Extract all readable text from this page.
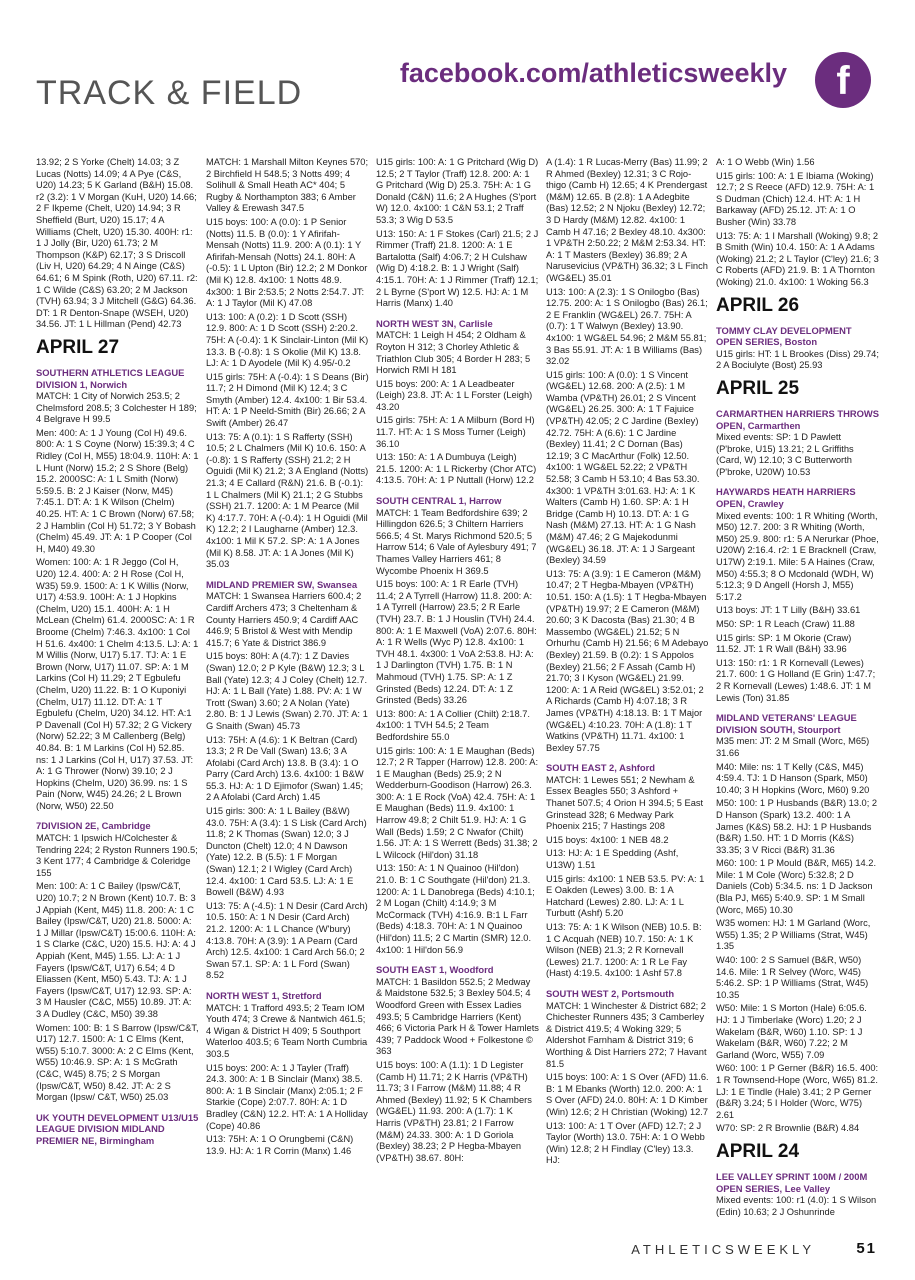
TRACK & FIELD
facebook.com/athleticsweekly	f

13.92; 2 S Yorke (Chelt) 14.03; 3 Z Lucas (Notts) 14.09; 4 A Pye (C&S, U20) 14.23; 5 K Garland (B&H) 15.08. r2 (3.2): 1 V Morgan (KuH, U20) 14.66; 2 F Ikpeme (Chelt, U20) 14.94; 3 R Sheffield (Burt, U20) 15.17; 4 A Williams (Chelt, U20) 15.30. 400H: r1: 1 J Jolly (Bir, U20) 61.73; 2 M Thompson (K&P) 62.17; 3 S Driscoll (Liv H, U20) 64.29; 4 N Ainge (C&S) 64.61; 6 M Spink (Roth, U20) 67.11. r2: 1 C Wilde (C&S) 63.20; 2 M Jackson (TVH) 63.94; 3 J Mitchell (G&G) 64.36. DT: 1 R Denton-Snape (WSEH, U20) 34.56. JT: 1 L Hillman (Pend) 42.73

APRIL 27
SOUTHERN ATHLETICS LEAGUE DIVISION 1, Norwich

MATCH: 1 City of Norwich 253.5; 2 Chelmsford 208.5; 3 Colchester H 189; 4 Belgrave H 99.5

Men: 400: A: 1 J Young (Col H) 49.6. 800: A: 1 S Coyne (Norw) 15:39.3; 4 C Ridley (Col H, M55) 18:04.9. 110H: A: 1 L Hunt (Norw) 15.2; 2 S Shore (Belg) 15.2. 2000SC: A: 1 L Smith (Norw) 5:59.5. B: 2 J Kaiser (Norw, M45) 7:45.1. DT: A: 1 K Wilson (Chelm) 40.25. HT: A: 1 C Brown (Norw) 67.58; 2 J Hamblin (Col H) 51.72; 3 Y Bobash (Chelm) 45.49. JT: A: 1 P Cooper (Col H, M40) 49.30

Women: 100: A: 1 R Jeggo (Col H, U20) 12.4. 400: A: 2 H Rose (Col H, W35) 59.9. 1500: A: 1 K Willis (Norw, U17) 4:53.9. 100H: A: 1 J Hopkins (Chelm, U20) 15.1. 400H: A: 1 H McLean (Chelm) 61.4. 2000SC: A: 1 R Broome (Chelm) 7:46.3. 4x100: 1 Col H 51.6. 4x400: 1 Chelm 4:13.5. LJ: A: 1 M Willis (Norw, U17) 5.17. TJ: A: 1 E Brown (Norw, U17) 11.07. SP: A: 1 M Larkins (Col H) 11.29; 2 T Egbulefu (Chelm, U20) 11.22. B: 1 O Kuponiyi (Chelm, U17) 11.12. DT: A: 1 T Egbulefu (Chelm, U20) 34.12. HT: A:1 P Davenall (Col H) 57.32; 2 G Vickery (Norw) 52.22; 3 M Callenberg (Belg) 40.84. B: 1 M Larkins (Col H) 52.85. ns: 1 J Larkins (Col H, U17) 37.53. JT: A: 1 G Thrower (Norw) 39.10; 2 J Hopkins (Chelm, U20) 36.99. ns: 1 S Pain (Norw, W45) 24.26; 2 L Brown (Norw, W50) 22.50

7DIVISION 2E, Cambridge

MATCH: 1 Ipswich H/Colchester & Tendring 224; 2 Ryston Runners 190.5; 3 Kent 177; 4 Cambridge & Coleridge 155

Men: 100: A: 1 C Bailey (Ipsw/C&T, U20) 10.7; 2 N Brown (Kent) 10.7. B: 3 J Appiah (Kent, M45) 11.8. 200: A: 1 C Bailey (Ipsw/C&T, U20) 21.8. 5000: A: 1 J Millar (Ipsw/C&T) 15:00.6. 110H: A: 1 S Clarke (C&C, U20) 15.5. HJ: A: 4 J Appiah (Kent, M45) 1.55. LJ: A: 1 J Fayers (Ipsw/C&T, U17) 6.54; 4 D Eliassen (Kent, M50) 5.43. TJ: A: 1 J Fayers (Ipsw/C&T, U17) 12.93. SP: A: 3 M Hausler (C&C, M55) 10.89. JT: A: 3 A Dudley (C&C, M50) 39.38

Women: 100: B: 1 S Barrow (Ipsw/C&T, U17) 12.7. 1500: A: 1 C Elms (Kent, W55) 5:10.7. 3000: A: 2 C Elms (Kent, W55) 10:46.9. SP: A: 1 S McGrath (C&C, W45) 8.75; 2 S Morgan (Ipsw/C&T, W50) 8.42. JT: A: 2 S Morgan (Ipsw/ C&T, W50) 25.03

UK YOUTH DEVELOPMENT U13/U15 LEAGUE DIVISION MIDLAND PREMIER NE, Birmingham

MATCH: 1 Marshall Milton Keynes 570; 2 Birchfield H 548.5; 3 Notts 499; 4 Solihull & Small Heath AC* 404; 5 Rugby & Northampton 383; 6 Amber Valley & Erewash 347.5

U15 boys: 100: A (0.0): 1 P Senior (Notts) 11.5. B (0.0): 1 Y Afirifah-Mensah (Notts) 11.9. 200: A (0.1): 1 Y Afirifah-Mensah (Notts) 24.1. 80H: A (-0.5): 1 L Upton (Bir) 12.2; 2 M Donkor (Mil K) 12.8. 4x100: 1 Notts 48.9. 4x300: 1 Bir 2:53.5; 2 Notts 2:54.7. JT: A: 1 J Taylor (Mil K) 47.08

U13: 100: A (0.2): 1 D Scott (SSH) 12.9. 800: A: 1 D Scott (SSH) 2:20.2. 75H: A (-0.4): 1 K Sinclair-Linton (Mil K) 13.3. B (-0.8): 1 S Okolie (Mil K) 13.8. LJ: A: 1 D Ayodele (Mil K) 4.95/-0.2

U15 girls: 75H: A (-0.4): 1 S Deans (Bir) 11.7; 2 H Dimond (Mil K) 12.4; 3 C Smyth (Amber) 12.4. 4x100: 1 Bir 53.4. HT: A: 1 P Neeld-Smith (Bir) 26.66; 2 A Swift (Amber) 26.47

U13: 75: A (0.1): 1 S Rafferty (SSH) 10.5; 2 L Chalmers (Mil K) 10.6. 150: A (-0.8): 1 S Rafferty (SSH) 21.2; 2 H Oguidi (Mil K) 21.2; 3 A England (Notts) 21.3; 4 E Callard (R&N) 21.6. B (-0.1): 1 L Chalmers (Mil K) 21.1; 2 G Stubbs (SSH) 21.7. 1200: A: 1 M Pearce (Mil K) 4:17.7. 70H: A (-0.4): 1 H Oguidi (Mil K) 12.2; 2 I Laugharne (Amber) 12.3. 4x100: 1 Mil K 57.2. SP: A: 1 A Jones (Mil K) 8.58. JT: A: 1 A Jones (Mil K) 35.03

MIDLAND PREMIER SW, Swansea

MATCH: 1 Swansea Harriers 600.4; 2 Cardiff Archers 473; 3 Cheltenham & County Harriers 450.9; 4 Cardiff AAC 446.9; 5 Bristol & West with Mendip 415.7; 6 Yate & District 386.9

U15 boys: 80H: A (4.7): 1 Z Davies (Swan) 12.0; 2 P Kyle (B&W) 12.3; 3 L Ball (Yate) 12.3; 4 J Coley (Chelt) 12.7. HJ: A: 1 L Ball (Yate) 1.88. PV: A: 1 W Trott (Swan) 3.60; 2 A Nolan (Yate) 2.80. B: 1 J Lewis (Swan) 2.70. JT: A: 1 G Snaith (Swan) 45.73

U13: 75H: A (4.6): 1 K Beltran (Card) 13.3; 2 R De Vall (Swan) 13.6; 3 A Afolabi (Card Arch) 13.8. B (3.4): 1 O Parry (Card Arch) 13.6. 4x100: 1 B&W 55.3. HJ: A: 1 D Ejimofor (Swan) 1.45; 2 A Afolabi (Card Arch) 1.45

U15 girls: 300: A: 1 L Bailey (B&W) 43.0. 75H: A (3.4): 1 S Lisk (Card Arch) 11.8; 2 K Thomas (Swan) 12.0; 3 J Duncton (Chelt) 12.0; 4 N Dawson (Yate) 12.2. B (5.5): 1 F Morgan (Swan) 12.1; 2 I Wigley (Card Arch) 12.4. 4x100: 1 Card 53.5. LJ: A: 1 E Bowell (B&W) 4.93

U13: 75: A (-4.5): 1 N Desir (Card Arch) 10.5. 150: A: 1 N Desir (Card Arch) 21.2. 1200: A: 1 L Chance (W'bury) 4:13.8. 70H: A (3.9): 1 A Pearn (Card Arch) 12.5. 4x100: 1 Card Arch 56.0; 2 Swan 57.1. SP: A: 1 L Ford (Swan) 8.52

NORTH WEST 1, Stretford

MATCH: 1 Trafford 493.5; 2 Team IOM Youth 474; 3 Crewe & Nantwich 461.5; 4 Wigan & District H 409; 5 Southport Waterloo 403.5; 6 Team North Cumbria 303.5

U15 boys: 200: A: 1 J Tayler (Traff) 24.3. 300: A: 1 B Sinclair (Manx) 38.5. 800: A: 1 B Sinclair (Manx) 2:05.1; 2 F Starkie (Cope) 2:07.7. 80H: A: 1 D Bradley (C&N) 12.2. HT: A: 1 A Holliday (Cope) 40.86

U13: 75H: A: 1 O Orungbemi (C&N) 13.9. HJ: A: 1 R Corrin (Manx) 1.46

U15 girls: 100: A: 1 G Pritchard (Wig D) 12.5; 2 T Taylor (Traff) 12.8. 200: A: 1 G Pritchard (Wig D) 25.3. 75H: A: 1 G Donald (C&N) 11.6; 2 A Hughes (S'port W) 12.0. 4x100: 1 C&N 53.1; 2 Traff 53.3; 3 Wig D 53.5

U13: 150: A: 1 F Stokes (Carl) 21.5; 2 J Rimmer (Traff) 21.8. 1200: A: 1 E Bartalotta (Salf) 4:06.7; 2 H Culshaw (Wig D) 4:18.2. B: 1 J Wright (Salf) 4:15.1. 70H: A: 1 J Rimmer (Traff) 12.1; 2 L Byrne (S'port W) 12.5. HJ: A: 1 M Harris (Manx) 1.40

NORTH WEST 3N, Carlisle

MATCH: 1 Leigh H 454; 2 Oldham & Royton H 312; 3 Chorley Athletic & Triathlon Club 305; 4 Border H 283; 5 Horwich RMI H 181

U15 boys: 200: A: 1 A Leadbeater (Leigh) 23.8. JT: A: 1 L Forster (Leigh) 43.20

U15 girls: 75H: A: 1 A Milburn (Bord H) 11.7. HT: A: 1 S Moss Turner (Leigh) 36.10

U13: 150: A: 1 A Dumbuya (Leigh) 21.5. 1200: A: 1 L Rickerby (Chor ATC) 4:13.5. 70H: A: 1 P Nuttall (Horw) 12.2

SOUTH CENTRAL 1, Harrow

MATCH: 1 Team Bedfordshire 639; 2 Hillingdon 626.5; 3 Chiltern Harriers 566.5; 4 St. Marys Richmond 520.5; 5 Harrow 514; 6 Vale of Aylesbury 491; 7 Thames Valley Harriers 461; 8 Wycombe Phoenix H 369.5

U15 boys: 100: A: 1 R Earle (TVH) 11.4; 2 A Tyrrell (Harrow) 11.8. 200: A: 1 A Tyrrell (Harrow) 23.5; 2 R Earle (TVH) 23.7. B: 1 J Houslin (TVH) 24.4. 800: A: 1 E Maxwell (VoA) 2:07.6. 80H: A: 1 R Wells (Wyc P) 12.8. 4x100: 1 TVH 48.1. 4x300: 1 VoA 2:53.8. HJ: A: 1 J Darlington (TVH) 1.75. B: 1 N Mahmoud (TVH) 1.75. SP: A: 1 Z Grinsted (Beds) 12.24. DT: A: 1 Z Grinsted (Beds) 33.26

U13: 800: A: 1 A Collier (Chilt) 2:18.7. 4x100: 1 TVH 54.5; 2 Team Bedfordshire 55.0

U15 girls: 100: A: 1 E Maughan (Beds) 12.7; 2 R Tapper (Harrow) 12.8. 200: A: 1 E Maughan (Beds) 25.9; 2 N Wedderburn-Goodison (Harrow) 26.3. 300: A: 1 E Rock (VoA) 42.4. 75H: A: 1 E Maughan (Beds) 11.9. 4x100: 1 Harrow 49.8; 2 Chilt 51.9. HJ: A: 1 G Wall (Beds) 1.59; 2 C Nwafor (Chilt) 1.56. JT: A: 1 S Werrett (Beds) 31.38; 2 L Wilcock (Hil'don) 31.18

U13: 150: A: 1 N Quainoo (Hil'don) 21.0. B: 1 C Southgate (Hil'don) 21.3. 1200: A: 1 L Danobrega (Beds) 4:10.1; 2 M Logan (Chilt) 4:14.9; 3 M McCormack (TVH) 4:16.9. B:1 L Farr (Beds) 4:18.3. 70H: A: 1 N Quainoo (Hil'don) 11.5; 2 C Martin (SMR) 12.0. 4x100: 1 Hil'don 56.9

SOUTH EAST 1, Woodford

MATCH: 1 Basildon 552.5; 2 Medway & Maidstone 532.5; 3 Bexley 504.5; 4 Woodford Green with Essex Ladies 493.5; 5 Cambridge Harriers (Kent) 466; 6 Victoria Park H & Tower Hamlets 439; 7 Paddock Wood + Folkestone © 363

U15 boys: 100: A (1.1): 1 D Legister (Camb H) 11.71; 2 K Harris (VP&TH) 11.73; 3 I Farrow (M&M) 11.88; 4 R Ahmed (Bexley) 11.92; 5 K Chambers (WG&EL) 11.93. 200: A (1.7): 1 K Harris (VP&TH) 23.81; 2 I Farrow (M&M) 24.33. 300: A: 1 D Goriola (Bexley) 38.23; 2 P Hegba-Mbayen (VP&TH) 38.67. 80H:

A (1.4): 1 R Lucas-Merry (Bas) 11.99; 2 R Ahmed (Bexley) 12.31; 3 C Rojo-thigo (Camb H) 12.65; 4 K Prendergast (M&M) 12.65. B (2.8): 1 A Adegbite (Bas) 12.52; 2 N Njoku (Bexley) 12.72; 3 D Hardy (M&M) 12.82. 4x100: 1 Camb H 47.16; 2 Bexley 48.10. 4x300: 1 VP&TH 2:50.22; 2 M&M 2:53.34. HT: A: 1 T Masters (Bexley) 36.89; 2 A Narusevicius (VP&TH) 36.32; 3 L Finch (WG&EL) 35.01

U13: 100: A (2.3): 1 S Onilogbo (Bas) 12.75. 200: A: 1 S Onilogbo (Bas) 26.1; 2 E Franklin (WG&EL) 26.7. 75H: A (0.7): 1 T Walwyn (Bexley) 13.90. 4x100: 1 WG&EL 54.96; 2 M&M 55.81; 3 Bas 55.91. JT: A: 1 B Williams (Bas) 32.02

U15 girls: 100: A (0.0): 1 S Vincent (WG&EL) 12.68. 200: A (2.5): 1 M Wamba (VP&TH) 26.01; 2 S Vincent (WG&EL) 26.25. 300: A: 1 T Fajuice (VP&TH) 42.05; 2 C Jardine (Bexley) 42.72. 75H: A (6.6): 1 C Jardine (Bexley) 11.41; 2 C Dornan (Bas) 12.19; 3 C MacArthur (Folk) 12.50. 4x100: 1 WG&EL 52.22; 2 VP&TH 52.58; 3 Camb H 53.10; 4 Bas 53.30. 4x300: 1 VP&TH 3:01.63. HJ: A: 1 K Walters (Camb H) 1.60. SP: A: 1 H Bridge (Camb H) 10.13. DT: A: 1 G Nash (M&M) 27.13. HT: A: 1 G Nash (M&M) 47.46; 2 G Majekodunmi (WG&EL) 36.18. JT: A: 1 J Sargeant (Bexley) 34.59

U13: 75: A (3.9): 1 E Cameron (M&M) 10.47; 2 T Hegba-Mbayen (VP&TH) 10.51. 150: A (1.5): 1 T Hegba-Mbayen (VP&TH) 19.97; 2 E Cameron (M&M) 20.60; 3 K Dacosta (Bas) 21.30; 4 B Massembo (WG&EL) 21.52; 5 N Orhurhu (Camb H) 21.56; 6 M Adebayo (Bexley) 21.59. B (0.2): 1 S Appolos (Bexley) 21.56; 2 F Assah (Camb H) 21.70; 3 I Kyson (WG&EL) 21.99. 1200: A: 1 A Reid (WG&EL) 3:52.01; 2 A Richards (Camb H) 4:07.18; 3 R James (VP&TH) 4:18.13. B: 1 T Major (WG&EL) 4:10.23. 70H: A (1.8): 1 T Watkins (VP&TH) 11.71. 4x100: 1 Bexley 57.75

SOUTH EAST 2, Ashford

MATCH: 1 Lewes 551; 2 Newham & Essex Beagles 550; 3 Ashford + Thanet 507.5; 4 Orion H 394.5; 5 East Grinstead 328; 6 Medway Park Phoenix 215; 7 Hastings 208

U15 boys: 4x100: 1 NEB 48.2

U13: HJ: A: 1 E Spedding (Ashf, U13W) 1.51

U15 girls: 4x100: 1 NEB 53.5. PV: A: 1 E Oakden (Lewes) 3.00. B: 1 A Hatchard (Lewes) 2.80. LJ: A: 1 L Turbutt (Ashf) 5.20

U13: 75: A: 1 K Wilson (NEB) 10.5. B: 1 C Acquah (NEB) 10.7. 150: A: 1 K Wilson (NEB) 21.3; 2 R Kornevall (Lewes) 21.7. 1200: A: 1 R Le Fay (Hast) 4:19.5. 4x100: 1 Ashf 57.8

SOUTH WEST 2, Portsmouth

MATCH: 1 Winchester & District 682; 2 Chichester Runners 435; 3 Camberley & District 419.5; 4 Woking 329; 5 Aldershot Farnham & District 319; 6 Worthing & Dist Harriers 272; 7 Havant 81.5

U15 boys: 100: A: 1 S Over (AFD) 11.6. B: 1 M Ebanks (Worth) 12.0. 200: A: 1 S Over (AFD) 24.0. 80H: A: 1 D Kimber (Win) 12.6; 2 H Christian (Woking) 12.7

U13: 100: A: 1 T Over (AFD) 12.7; 2 J Taylor (Worth) 13.0. 75H: A: 1 O Webb (Win) 12.8; 2 H Findlay (C'ley) 13.3. HJ:

A: 1 O Webb (Win) 1.56

U15 girls: 100: A: 1 E Ibiama (Woking) 12.7; 2 S Reece (AFD) 12.9. 75H: A: 1 S Dudman (Chich) 12.4. HT: A: 1 H Barkaway (AFD) 25.12. JT: A: 1 O Busher (Win) 33.78

U13: 75: A: 1 I Marshall (Woking) 9.8; 2 B Smith (Win) 10.4. 150: A: 1 A Adams (Woking) 21.2; 2 L Taylor (C'ley) 21.6; 3 C Roberts (AFD) 21.9. B: 1 A Thornton (Woking) 21.0. 4x100: 1 Woking 56.3

APRIL 26
TOMMY CLAY DEVELOPMENT OPEN SERIES, Boston

U15 girls: HT: 1 L Brookes (Diss) 29.74; 2 A Bociulyte (Bost) 25.93

APRIL 25
CARMARTHEN HARRIERS THROWS OPEN, Carmarthen

Mixed events: SP: 1 D Pawlett (P'broke, U15) 13.21; 2 L Griffiths (Card, W) 12.10; 3 C Butterworth (P'broke, U20W) 10.53

HAYWARDS HEATH HARRIERS OPEN, Crawley

Mixed events: 100: 1 R Whiting (Worth, M50) 12.7. 200: 3 R Whiting (Worth, M50) 25.9. 800: r1: 5 A Nerurkar (Phoe, U20W) 2:16.4. r2: 1 E Bracknell (Craw, U17W) 2:19.1. Mile: 5 A Haines (Craw, M50) 4:55.3; 8 O Mcdonald (WDH, W) 5:12.3; 9 D Angell (Horsh J, M55) 5:17.2

U13 boys: JT: 1 T Lilly (B&H) 33.61

M50: SP: 1 R Leach (Craw) 11.88

U15 girls: SP: 1 M Okorie (Craw) 11.52. JT: 1 R Wall (B&H) 33.96

U13: 150: r1: 1 R Kornevall (Lewes) 21.7. 600: 1 G Holland (E Grin) 1:47.7; 2 R Kornevall (Lewes) 1:48.6. JT: 1 M Lewis (Ton) 31.85

MIDLAND VETERANS' LEAGUE DIVISION SOUTH, Stourport

M35 men: JT: 2 M Small (Worc, M65) 31.66

M40: Mile: ns: 1 T Kelly (C&S, M45) 4:59.4. TJ: 1 D Hanson (Spark, M50) 10.40; 3 H Hopkins (Worc, M60) 9.20

M50: 100: 1 P Husbands (B&R) 13.0; 2 D Hanson (Spark) 13.2. 400: 1 A James (K&S) 58.2. HJ: 1 P Husbands (B&R) 1.50. HT: 1 D Morris (K&S) 33.35; 3 V Ricci (B&R) 31.36

M60: 100: 1 P Mould (B&R, M65) 14.2. Mile: 1 M Cole (Worc) 5:32.8; 2 D Daniels (Cob) 5:34.5. ns: 1 D Jackson (Bla PJ, M65) 5:40.9. SP: 1 M Small (Worc, M65) 10.30

W35 women: HJ: 1 M Garland (Worc, W55) 1.35; 2 P Williams (Strat, W45) 1.35

W40: 100: 2 S Samuel (B&R, W50) 14.6. Mile: 1 R Selvey (Worc, W45) 5:46.2. SP: 1 P Williams (Strat, W45) 10.35

W50: Mile: 1 S Morton (Hale) 6:05.6. HJ: 1 J Timberlake (Worc) 1.20; 2 J Wakelam (B&R, W60) 1.10. SP: 1 J Wakelam (B&R, W60) 7.22; 2 M Garland (Worc, W55) 7.09

W60: 100: 1 P Gerner (B&R) 16.5. 400: 1 R Townsend-Hope (Worc, W65) 81.2. LJ: 1 E Tindle (Hale) 3.41; 2 P Gerner (B&R) 3.24; 5 I Holder (Worc, W75) 2.61

W70: SP: 2 R Brownlie (B&R) 4.84

APRIL 24
LEE VALLEY SPRINT 100M / 200M OPEN SERIES, Lee Valley

Mixed events: 100: r1 (4.0): 1 S Wilson (Edin) 10.63; 2 J Oshunrinde

ATHLETICSWEEKLY	51
